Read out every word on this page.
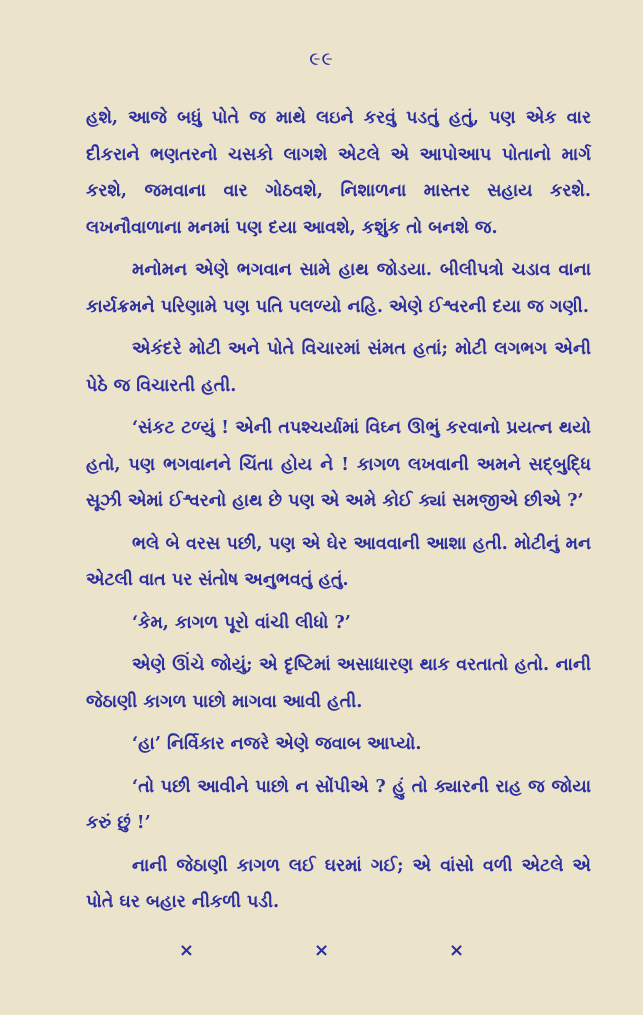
૯૯

હશે, આજે બધું પોતે જ માથે લઇને કરવું પડતું હતું, પણ એક વાર દીકરાને ભણતરનો ચસકો લાગશે એટલે એ આપોઆપ પોતાનો માર્ગ કરશે, જમવાના વાર ગોઠવશે, નિશાળના માસ્તર સહાય કરશે. લખનૌવાળાના મનમાં પણ દયા આવશે, કશુંક તો બનશે જ.

મનોમન એણે ભગવાન સામે હાથ જોડયા. બીલીપત્રો ચડાવ વાના કાર્યક્રમને પરિણામે પણ પતિ પલળ્યો નહિ. એણે ઈશ્વરની દયા જ ગણી.

એકંદરે મોટી અને પોતે વિચારમાં સંમત હતાં; મોટી લગભગ એની પેઠે જ વિચારતી હતી.

‘સંકટ ટળ્યું ! એની તપશ્ચર્યામાં વિઘ્ન ઊભું કરવાનો પ્રયત્ન થયો હતો, પણ ભગવાનને ચિંતા હોય ને ! કાગળ લખવાની અમને સદ્‌બુદ્ધિ સૂઝી એમાં ઈશ્વરનો હાથ છે પણ એ અમે કોઈ ક્યાં સમજીએ છીએ ?’

ભલે બે વરસ પછી, પણ એ ઘેર આવવાની આશા હતી. મોટીનું મન એટલી વાત પર સંતોષ અનુભવતું હતું.

‘કેમ, કાગળ પૂરો વાંચી લીધો ?’

એણે ઊંચે જોયું; એ દૃષ્ટિમાં અસાધારણ થાક વરતાતો હતો. નાની જેઠાણી કાગળ પાછો માગવા આવી હતી.

‘હા’ નિર્વિકાર નજરે એણે જવાબ આપ્યો.

‘તો પછી આવીને પાછો ન સોંપીએ ? હું તો ક્યારની રાહ જ જોયા કરું છું !’

નાની જેઠાણી કાગળ લઈ ઘરમાં ગઈ; એ વાંસો વળી એટલે એ પોતે ઘર બહાર નીકળી પડી.

×	×	×
